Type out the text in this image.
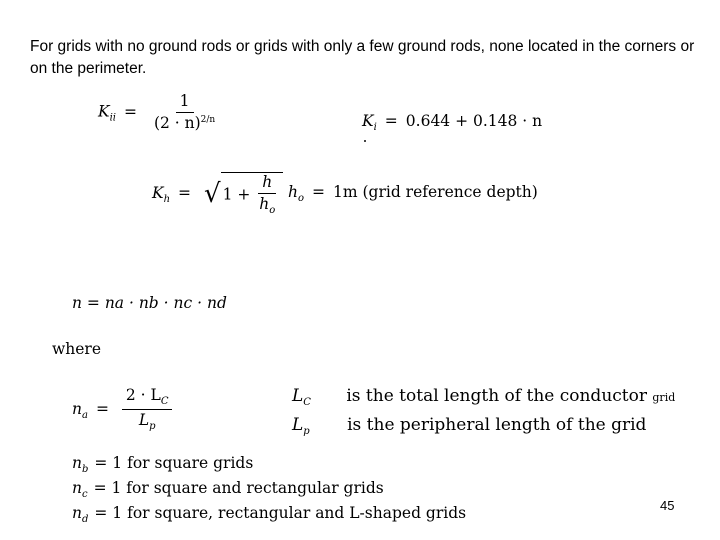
For grids with no ground rods or grids with only a few ground rods, none located in the corners or on the perimeter.
$K_{ii} = \frac{1}{(2 \cdot n)^{2/n}}$	$K_i = 0.644 + 0.148 \cdot n$
$K_h$ = √ $1 + \frac{h}{h_o} h_o = 1m$ (grid reference depth)
n = na · nb · nc · nd
where
$n_a = \frac{2 \cdot L_C}{L_p}$	$L_C$ is the total length of the conductor grid
$L_p$ is the peripheral length of the grid
$n_b = 1$ for square grids
$n_c = 1$ for square and rectangular grids
$n_d = 1$ for square, rectangular and L-shaped grids	45
